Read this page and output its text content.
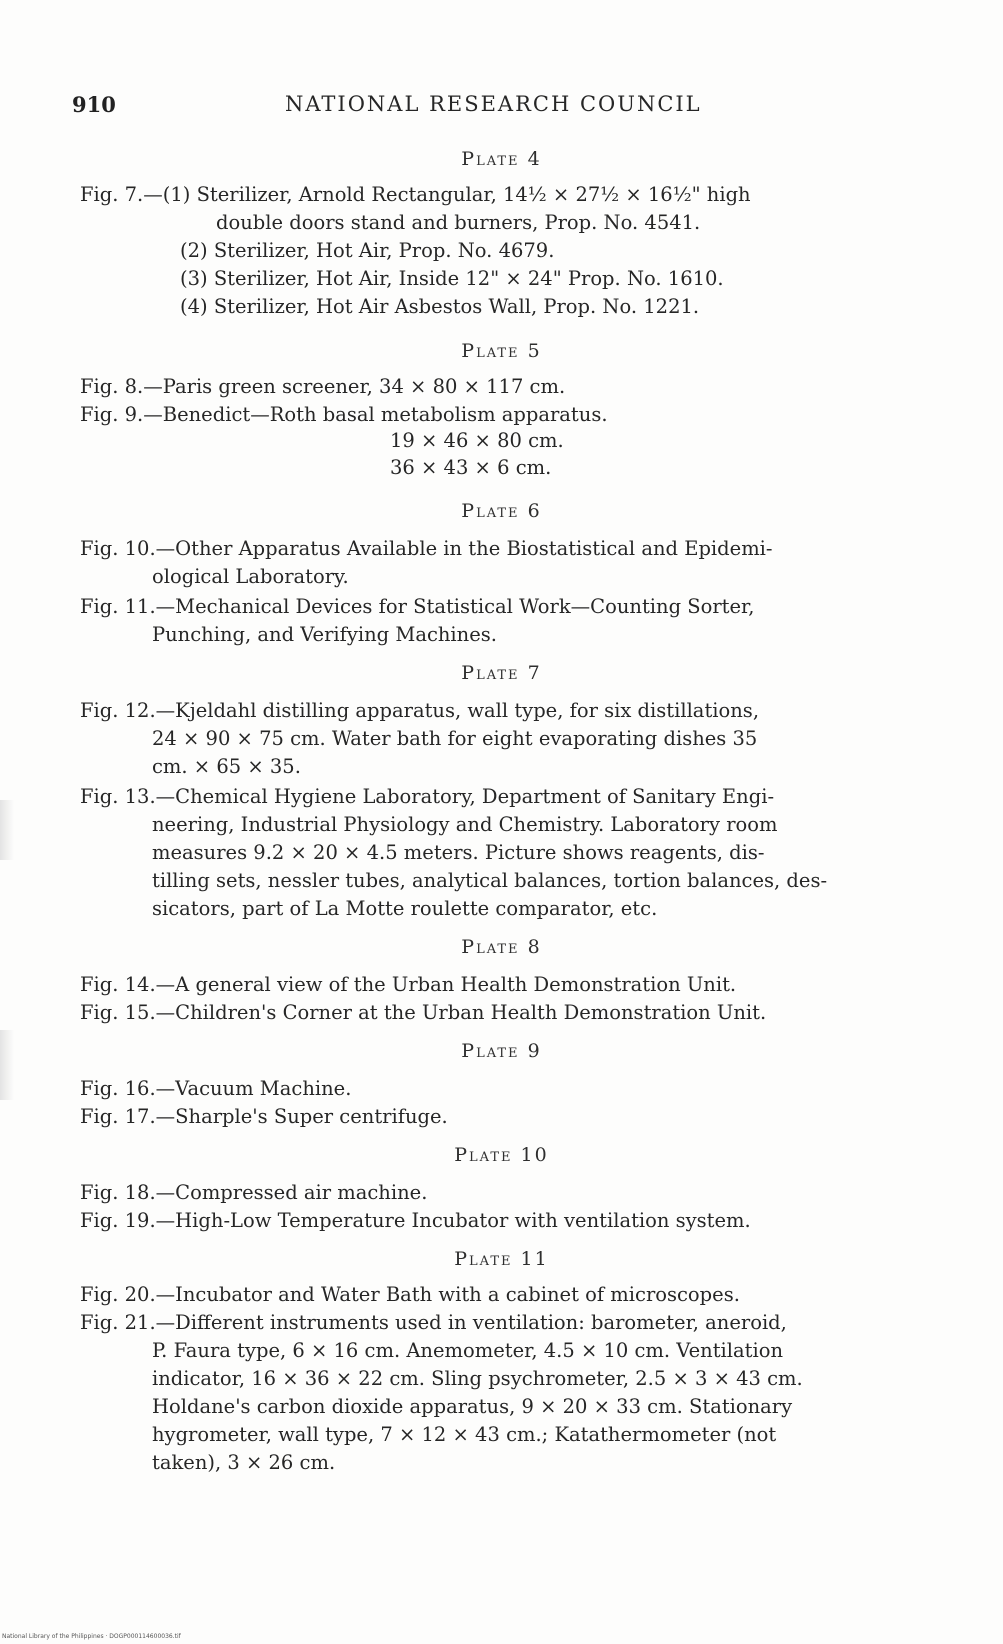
910	NATIONAL RESEARCH COUNCIL
Plate 4
Fig. 7.—(1) Sterilizer, Arnold Rectangular, 14½ × 27½ × 16½" high
double doors stand and burners, Prop. No. 4541.
(2) Sterilizer, Hot Air, Prop. No. 4679.
(3) Sterilizer, Hot Air, Inside 12" × 24" Prop. No. 1610.
(4) Sterilizer, Hot Air Asbestos Wall, Prop. No. 1221.
Plate 5
Fig. 8.—Paris green screener, 34 × 80 × 117 cm.
Fig. 9.—Benedict—Roth basal metabolism apparatus.
19 × 46 × 80 cm.
36 × 43 × 6 cm.
Plate 6
Fig. 10.—Other Apparatus Available in the Biostatistical and Epidemi-
ological Laboratory.
Fig. 11.—Mechanical Devices for Statistical Work—Counting Sorter,
Punching, and Verifying Machines.
Plate 7
Fig. 12.—Kjeldahl distilling apparatus, wall type, for six distillations,
24 × 90 × 75 cm. Water bath for eight evaporating dishes 35
cm. × 65 × 35.
Fig. 13.—Chemical Hygiene Laboratory, Department of Sanitary Engi-
neering, Industrial Physiology and Chemistry. Laboratory room
measures 9.2 × 20 × 4.5 meters. Picture shows reagents, dis-
tilling sets, nessler tubes, analytical balances, tortion balances, des-
sicators, part of La Motte roulette comparator, etc.
Plate 8
Fig. 14.—A general view of the Urban Health Demonstration Unit.
Fig. 15.—Children's Corner at the Urban Health Demonstration Unit.
Plate 9
Fig. 16.—Vacuum Machine.
Fig. 17.—Sharple's Super centrifuge.
Plate 10
Fig. 18.—Compressed air machine.
Fig. 19.—High-Low Temperature Incubator with ventilation system.
Plate 11
Fig. 20.—Incubator and Water Bath with a cabinet of microscopes.
Fig. 21.—Different instruments used in ventilation: barometer, aneroid,
P. Faura type, 6 × 16 cm. Anemometer, 4.5 × 10 cm. Ventilation
indicator, 16 × 36 × 22 cm. Sling psychrometer, 2.5 × 3 × 43 cm.
Holdane's carbon dioxide apparatus, 9 × 20 × 33 cm. Stationary
hygrometer, wall type, 7 × 12 × 43 cm.; Katathermometer (not
taken), 3 × 26 cm.
National Library of the Philippines · DOGP000114600036.tif
